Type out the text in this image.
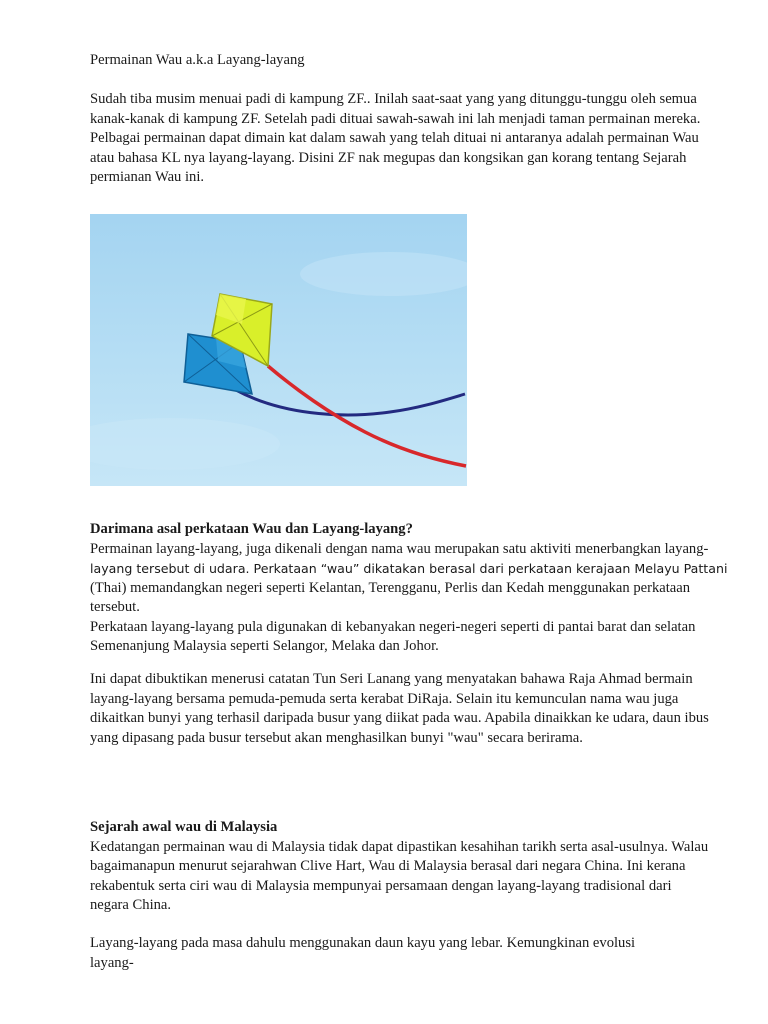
Permainan Wau a.k.a Layang-layang

Sudah tiba musim menuai padi di kampung ZF.. Inilah saat-saat yang yang ditunggu-tunggu oleh semua
kanak-kanak di kampung ZF. Setelah padi dituai sawah-sawah ini lah menjadi taman permainan mereka.
Pelbagai permainan dapat dimain kat dalam sawah yang telah dituai ni antaranya adalah permainan Wau
atau bahasa KL nya layang-layang. Disini ZF nak megupas dan kongsikan gan korang tentang Sejarah
permianan Wau ini.
Darimana asal perkataan Wau dan Layang-layang?
Permainan layang-layang, juga dikenali dengan nama wau merupakan satu aktiviti menerbangkan layang-
layang tersebut di udara. Perkataan “wau” dikatakan berasal dari perkataan kerajaan Melayu Pattani
(Thai) memandangkan negeri seperti Kelantan, Terengganu, Perlis dan Kedah menggunakan perkataan
tersebut.
Perkataan layang-layang pula digunakan di kebanyakan negeri-negeri seperti di pantai barat dan selatan
Semenanjung Malaysia seperti Selangor, Melaka dan Johor.
Ini dapat dibuktikan menerusi catatan Tun Seri Lanang yang menyatakan bahawa Raja Ahmad bermain
layang-layang bersama pemuda-pemuda serta kerabat DiRaja. Selain itu kemunculan nama wau juga
dikaitkan bunyi yang terhasil daripada busur yang diikat pada wau. Apabila dinaikkan ke udara, daun ibus
yang dipasang pada busur tersebut akan menghasilkan bunyi "wau" secara berirama.
Sejarah awal wau di Malaysia
Kedatangan permainan wau di Malaysia tidak dapat dipastikan kesahihan tarikh serta asal-usulnya. Walau
bagaimanapun menurut sejarahwan Clive Hart, Wau di Malaysia berasal dari negara China. Ini kerana
rekabentuk serta ciri wau di Malaysia mempunyai persamaan dengan layang-layang tradisional dari
negara China.

Layang-layang pada masa dahulu menggunakan daun kayu yang lebar. Kemungkinan evolusi layang-
